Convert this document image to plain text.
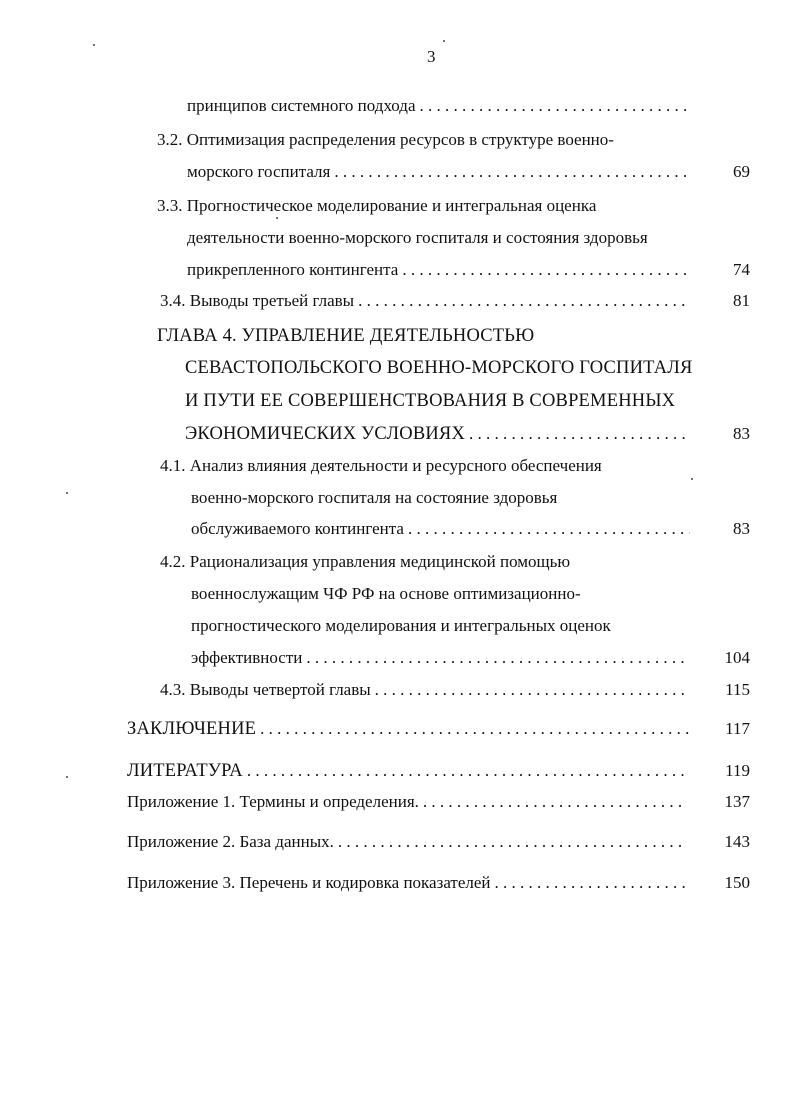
3
принципов системного подхода
. . .
3.2. Оптимизация распределения ресурсов в структуре военно-
морского госпиталя . . .	69
3.3. Прогностическое моделирование и интегральная оценка
деятельности военно-морского госпиталя и состояния здоровья
прикрепленного контингента . . .	74
3.4. Выводы третьей главы . . .	81
ГЛАВА 4. УПРАВЛЕНИЕ ДЕЯТЕЛЬНОСТЬЮ
СЕВАСТОПОЛЬСКОГО ВОЕННО-МОРСКОГО ГОСПИТАЛЯ
И ПУТИ ЕЕ СОВЕРШЕНСТВОВАНИЯ В СОВРЕМЕННЫХ
ЭКОНОМИЧЕСКИХ УСЛОВИЯХ . . .	83
4.1. Анализ влияния деятельности и ресурсного обеспечения
военно-морского госпиталя на состояние здоровья
обслуживаемого контингента . . .	83
4.2. Рационализация управления медицинской помощью
военнослужащим ЧФ РФ на основе оптимизационно-
прогностического моделирования и интегральных оценок
эффективности . . .	104
4.3. Выводы четвертой главы . . .	115
ЗАКЛЮЧЕНИЕ . . .	117
ЛИТЕРАТУРА . . .	119
Приложение 1. Термины и определения. . . .	137
Приложение 2. База данных. . . .	143
Приложение 3. Перечень и кодировка показателей . . .	150
